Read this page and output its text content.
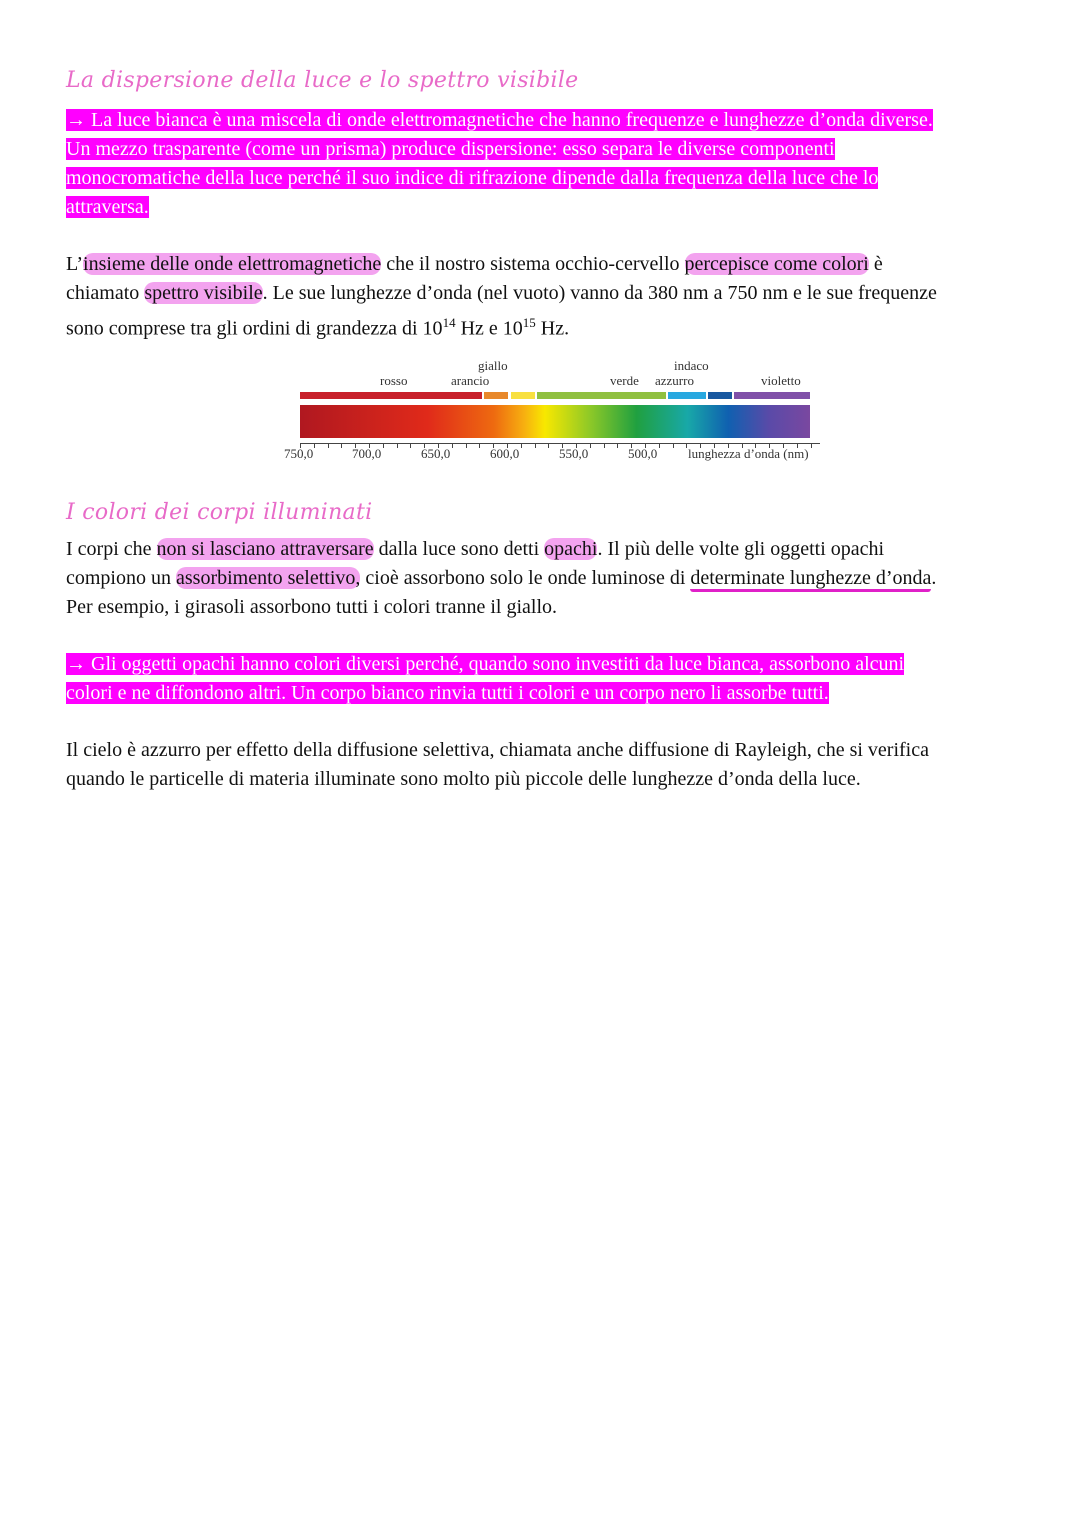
La dispersione della luce e lo spettro visibile
→ La luce bianca è una miscela di onde elettromagnetiche che hanno frequenze e lunghezze d’onda diverse.
Un mezzo trasparente (come un prisma) produce dispersione: esso separa le diverse componenti
monocromatiche della luce perché il suo indice di rifrazione dipende dalla frequenza della luce che lo
attraversa.
L’insieme delle onde elettromagnetiche che il nostro sistema occhio-cervello percepisce come colori è
chiamato spettro visibile. Le sue lunghezze d’onda (nel vuoto) vanno da 380 nm a 750 nm e le sue frequenze
sono comprese tra gli ordini di grandezza di $10^{14}$ Hz e $10^{15}$ Hz.
rosso	arancio
giallo
verde azzurro
indaco
violetto
750,0	700,0	650,0	600,0	550,0	500,0 lunghezza d’onda (nm)
I colori dei corpi illuminati
I corpi che non si lasciano attraversare dalla luce sono detti opachi. Il più delle volte gli oggetti opachi
compiono un assorbimento selettivo, cioè assorbono solo le onde luminose di determinate lunghezze d’onda.
Per esempio, i girasoli assorbono tutti i colori tranne il giallo.
→ Gli oggetti opachi hanno colori diversi perché, quando sono investiti da luce bianca, assorbono alcuni
colori e ne diffondono altri. Un corpo bianco rinvia tutti i colori e un corpo nero li assorbe tutti.
Il cielo è azzurro per effetto della diffusione selettiva, chiamata anche diffusione di Rayleigh, che si verifica
quando le particelle di materia illuminate sono molto più piccole delle lunghezze d’onda della luce.
